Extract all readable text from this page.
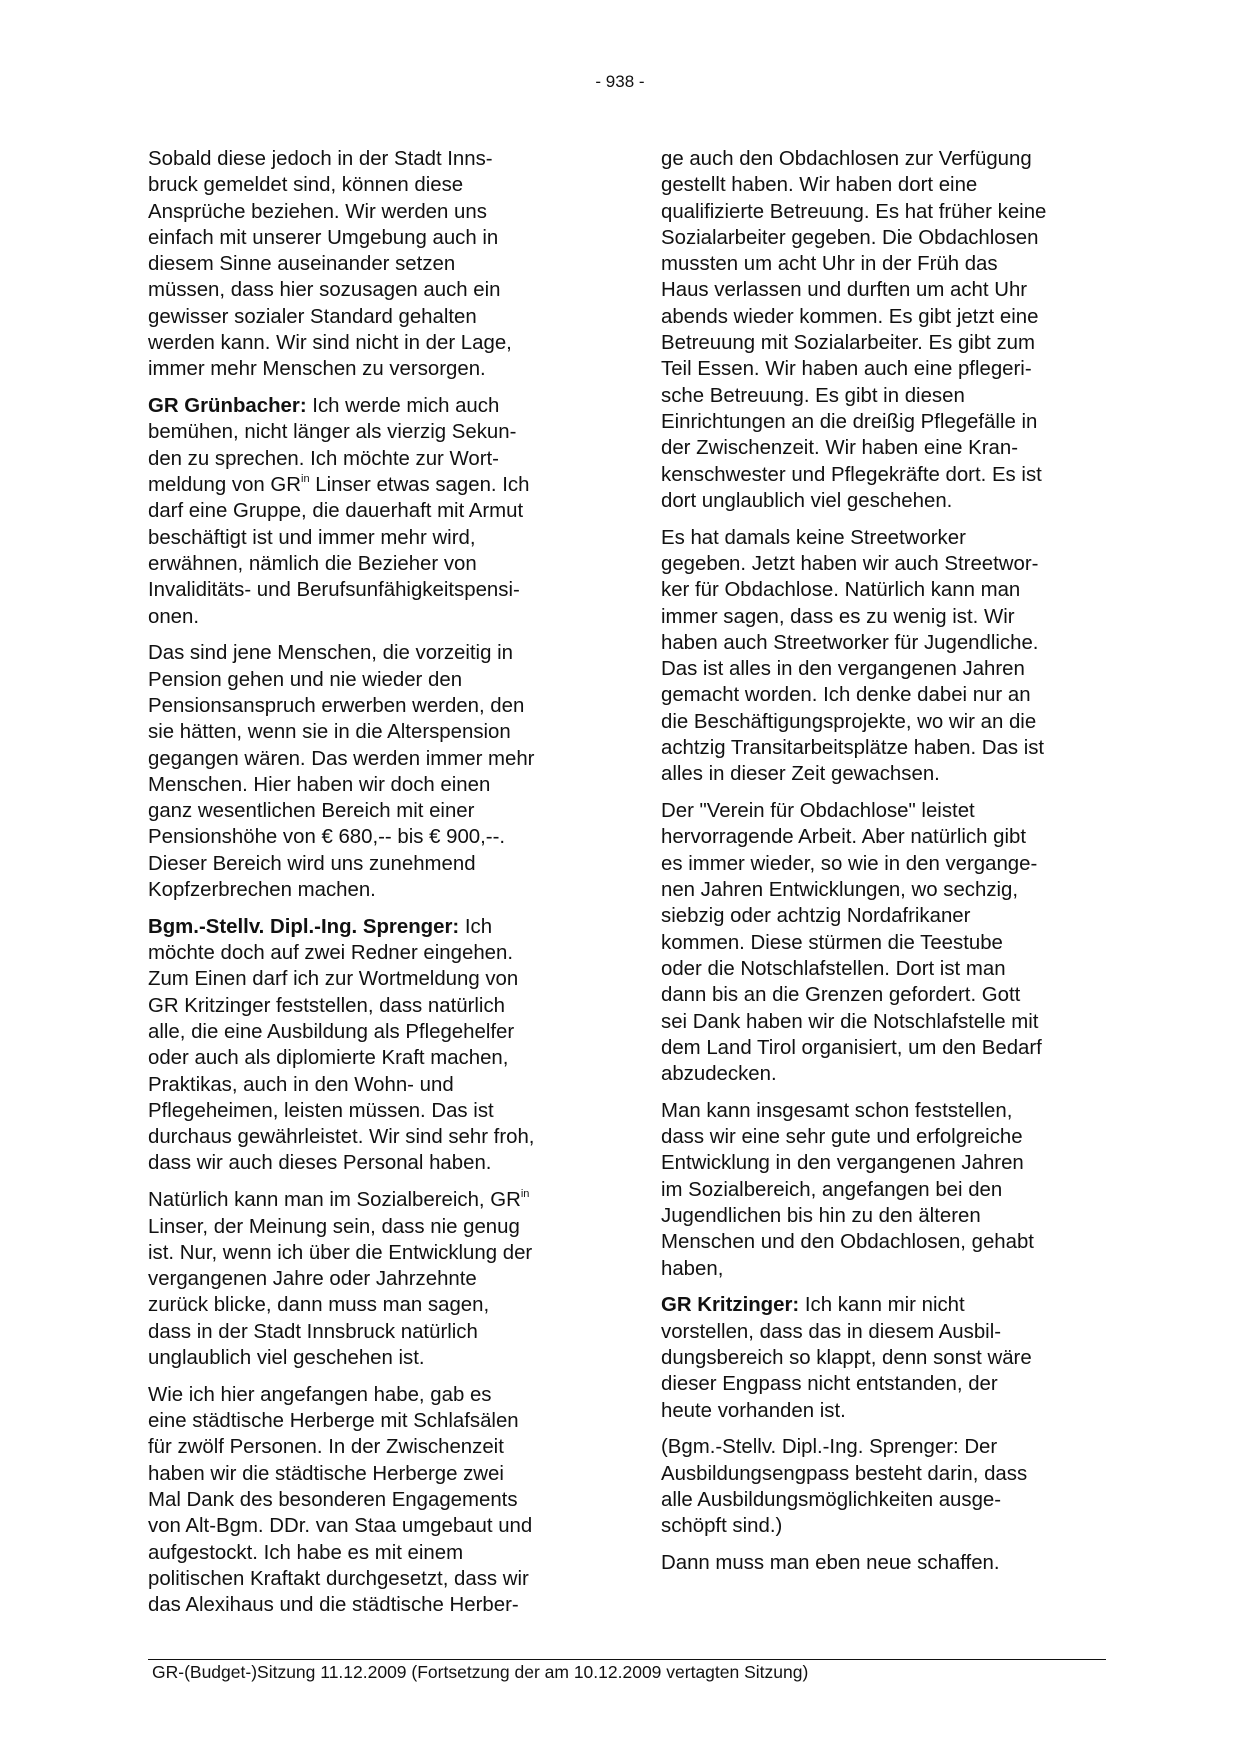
- 938 -
Sobald diese jedoch in der Stadt Inns-
bruck gemeldet sind, können diese
Ansprüche beziehen. Wir werden uns
einfach mit unserer Umgebung auch in
diesem Sinne auseinander setzen
müssen, dass hier sozusagen auch ein
gewisser sozialer Standard gehalten
werden kann. Wir sind nicht in der Lage,
immer mehr Menschen zu versorgen.
GR Grünbacher: Ich werde mich auch
bemühen, nicht länger als vierzig Sekun-
den zu sprechen. Ich möchte zur Wort-
meldung von $GR^{in}$ Linser etwas sagen. Ich
darf eine Gruppe, die dauerhaft mit Armut
beschäftigt ist und immer mehr wird,
erwähnen, nämlich die Bezieher von
Invaliditäts- und Berufsunfähigkeitspensi-
onen.
Das sind jene Menschen, die vorzeitig in
Pension gehen und nie wieder den
Pensionsanspruch erwerben werden, den
sie hätten, wenn sie in die Alterspension
gegangen wären. Das werden immer mehr
Menschen. Hier haben wir doch einen
ganz wesentlichen Bereich mit einer
Pensionshöhe von € 680,-- bis € 900,--.
Dieser Bereich wird uns zunehmend
Kopfzerbrechen machen.
Bgm.-Stellv. Dipl.-Ing. Sprenger: Ich
möchte doch auf zwei Redner eingehen.
Zum Einen darf ich zur Wortmeldung von
GR Kritzinger feststellen, dass natürlich
alle, die eine Ausbildung als Pflegehelfer
oder auch als diplomierte Kraft machen,
Praktikas, auch in den Wohn- und
Pflegeheimen, leisten müssen. Das ist
durchaus gewährleistet. Wir sind sehr froh,
dass wir auch dieses Personal haben.
Natürlich kann man im Sozialbereich, $GR^{in}$
Linser, der Meinung sein, dass nie genug
ist. Nur, wenn ich über die Entwicklung der
vergangenen Jahre oder Jahrzehnte
zurück blicke, dann muss man sagen,
dass in der Stadt Innsbruck natürlich
unglaublich viel geschehen ist.
Wie ich hier angefangen habe, gab es
eine städtische Herberge mit Schlafsälen
für zwölf Personen. In der Zwischenzeit
haben wir die städtische Herberge zwei
Mal Dank des besonderen Engagements
von Alt-Bgm. DDr. van Staa umgebaut und
aufgestockt. Ich habe es mit einem
politischen Kraftakt durchgesetzt, dass wir
das Alexihaus und die städtische Herber-
ge auch den Obdachlosen zur Verfügung
gestellt haben. Wir haben dort eine
qualifizierte Betreuung. Es hat früher keine
Sozialarbeiter gegeben. Die Obdachlosen
mussten um acht Uhr in der Früh das
Haus verlassen und durften um acht Uhr
abends wieder kommen. Es gibt jetzt eine
Betreuung mit Sozialarbeiter. Es gibt zum
Teil Essen. Wir haben auch eine pflegeri-
sche Betreuung. Es gibt in diesen
Einrichtungen an die dreißig Pflegefälle in
der Zwischenzeit. Wir haben eine Kran-
kenschwester und Pflegekräfte dort. Es ist
dort unglaublich viel geschehen.
Es hat damals keine Streetworker
gegeben. Jetzt haben wir auch Streetwor-
ker für Obdachlose. Natürlich kann man
immer sagen, dass es zu wenig ist. Wir
haben auch Streetworker für Jugendliche.
Das ist alles in den vergangenen Jahren
gemacht worden. Ich denke dabei nur an
die Beschäftigungsprojekte, wo wir an die
achtzig Transitarbeitsplätze haben. Das ist
alles in dieser Zeit gewachsen.
Der "Verein für Obdachlose" leistet
hervorragende Arbeit. Aber natürlich gibt
es immer wieder, so wie in den vergange-
nen Jahren Entwicklungen, wo sechzig,
siebzig oder achtzig Nordafrikaner
kommen. Diese stürmen die Teestube
oder die Notschlafstellen. Dort ist man
dann bis an die Grenzen gefordert. Gott
sei Dank haben wir die Notschlafstelle mit
dem Land Tirol organisiert, um den Bedarf
abzudecken.
Man kann insgesamt schon feststellen,
dass wir eine sehr gute und erfolgreiche
Entwicklung in den vergangenen Jahren
im Sozialbereich, angefangen bei den
Jugendlichen bis hin zu den älteren
Menschen und den Obdachlosen, gehabt
haben,
GR Kritzinger: Ich kann mir nicht
vorstellen, dass das in diesem Ausbil-
dungsbereich so klappt, denn sonst wäre
dieser Engpass nicht entstanden, der
heute vorhanden ist.
(Bgm.-Stellv. Dipl.-Ing. Sprenger: Der
Ausbildungsengpass besteht darin, dass
alle Ausbildungsmöglichkeiten ausge-
schöpft sind.)
Dann muss man eben neue schaffen.
GR-(Budget-)Sitzung 11.12.2009 (Fortsetzung der am 10.12.2009 vertagten Sitzung)
